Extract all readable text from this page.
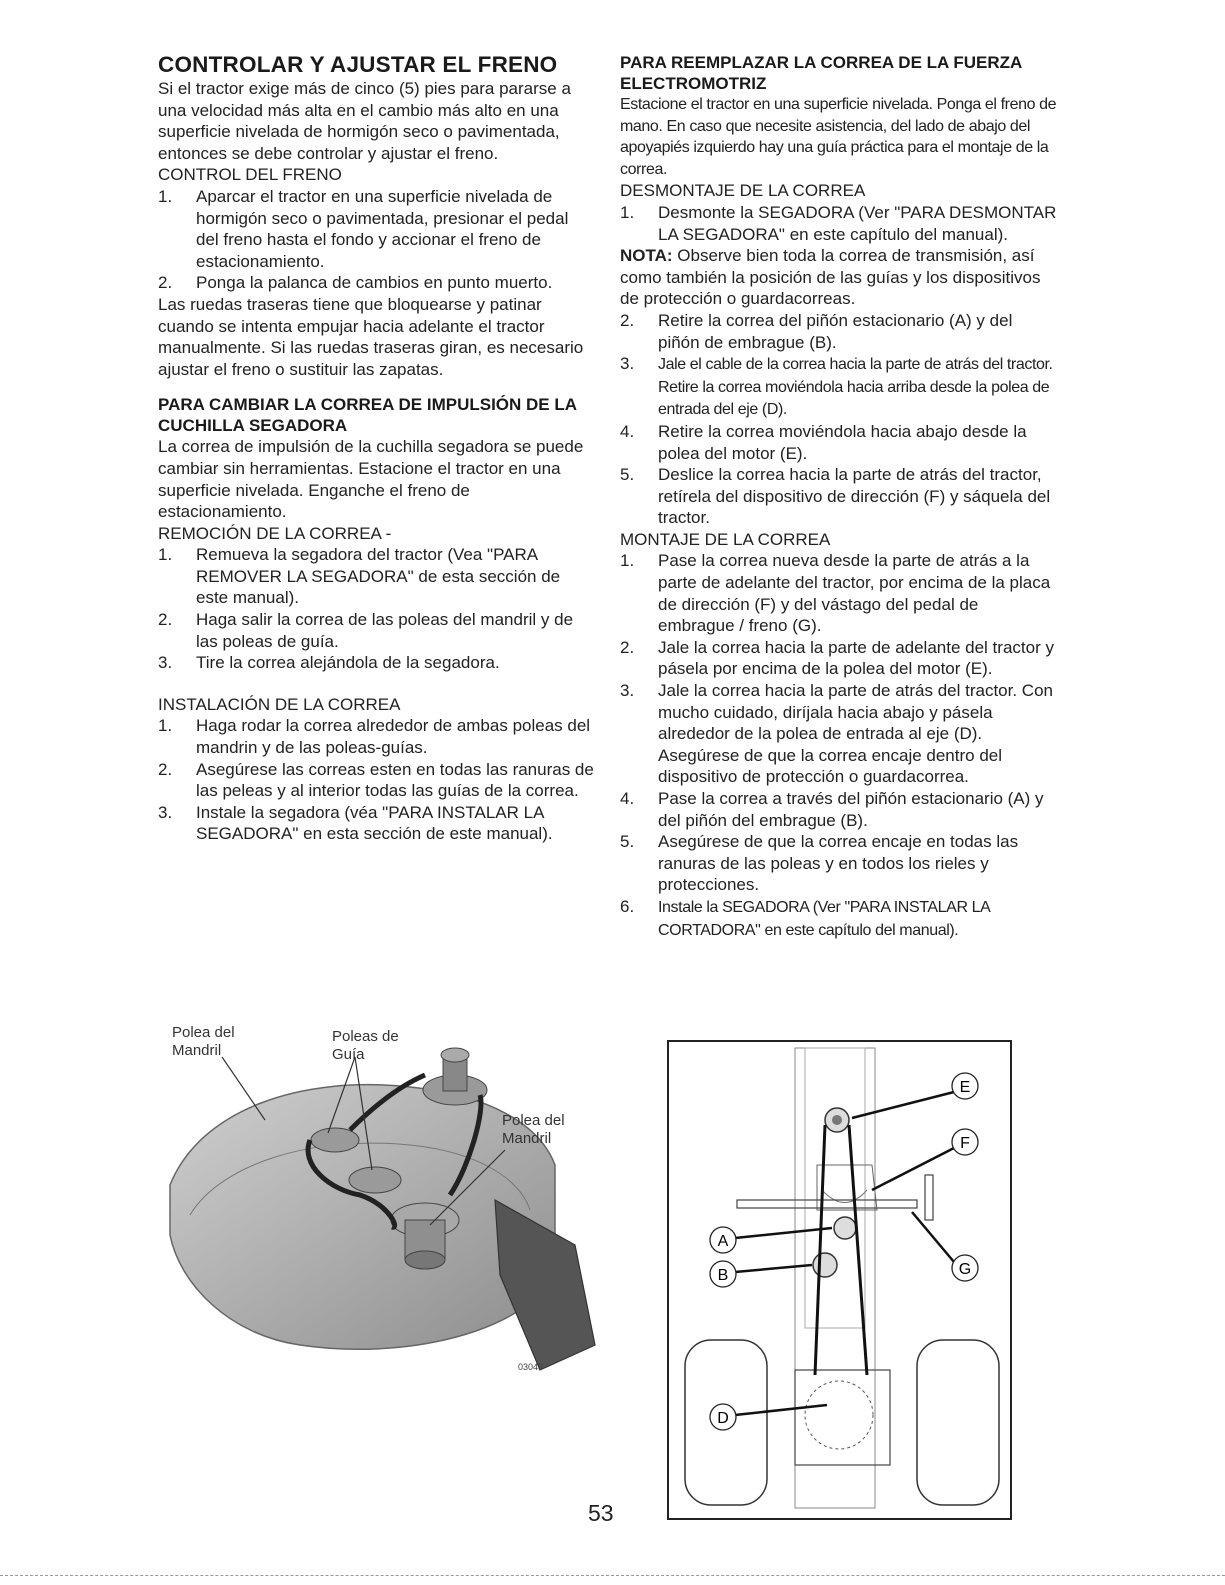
CONTROLAR Y AJUSTAR EL FRENO

Si el tractor exige más de cinco (5) pies para pararse a una velocidad más alta en el cambio más alto en una superficie nivelada de hormigón seco o pavimentada, entonces se debe controlar y ajustar el freno.

CONTROL DEL FRENO
1. Aparcar el tractor en una superficie nivelada de hormigón seco o pavimentada, presionar el pedal del freno hasta el fondo y accionar el freno de estacionamiento.
2. Ponga la palanca de cambios en punto muerto.

Las ruedas traseras tiene que bloquearse y patinar cuando se intenta empujar hacia adelante el tractor manualmente. Si las ruedas traseras giran, es necesario ajustar el freno o sustituir las zapatas.

PARA CAMBIAR LA CORREA DE IMPULSIÓN DE LA CUCHILLA SEGADORA

La correa de impulsión de la cuchilla segadora se puede cambiar sin herramientas. Estacione el tractor en una superficie nivelada. Enganche el freno de estacionamiento.

REMOCIÓN DE LA CORREA -
1. Remueva la segadora del tractor (Vea "PARA REMOVER LA SEGADORA" de esta sección de este manual).
2. Haga salir la correa de las poleas del mandril y de las poleas de guía.
3. Tire la correa alejándola de la segadora.
INSTALACIÓN DE LA CORREA
1. Haga rodar la correa alrededor de ambas poleas del mandrin y de las poleas-guías.
2. Asegúrese las correas esten en todas las ranuras de las peleas y al interior todas las guías de la correa.
3. Instale la segadora (véa "PARA INSTALAR LA SEGADORA" en esta sección de este manual).
PARA REEMPLAZAR LA CORREA DE LA FUERZA ELECTROMOTRIZ

Estacione el tractor en una superficie nivelada. Ponga el freno de mano. En caso que necesite asistencia, del lado de abajo del apoyapiés izquierdo hay una guía práctica para el montaje de la correa.

DESMONTAJE DE LA CORREA
1. Desmonte la SEGADORA (Ver "PARA DESMONTAR LA SEGADORA" en este capítulo del manual).

NOTA: Observe bien toda la correa de transmisión, así como también la posición de las guías y los dispositivos de protección o guardacorreas.

2. Retire la correa del piñón estacionario (A) y del piñón de embrague (B).
3. Jale el cable de la correa hacia la parte de atrás del tractor. Retire la correa moviéndola hacia arriba desde la polea de entrada del eje (D).
4. Retire la correa moviéndola hacia abajo desde la polea del motor (E).
5. Deslice la correa hacia la parte de atrás del tractor, retírela del dispositivo de dirección (F) y sáquela del tractor.
MONTAJE DE LA CORREA
1. Pase la correa nueva desde la parte de atrás a la parte de adelante del tractor, por encima de la placa de dirección (F) y del vástago del pedal de embrague / freno (G).
2. Jale la correa hacia la parte de adelante del tractor y pásela por encima de la polea del motor (E).
3. Jale la correa hacia la parte de atrás del tractor. Con mucho cuidado, diríjala hacia abajo y pásela alrededor de la polea de entrada al eje (D). Asegúrese de que la correa encaje dentro del dispositivo de protección o guardacorrea.
4. Pase la correa a través del piñón estacionario (A) y del piñón del embrague (B).
5. Asegúrese de que la correa encaje en todas las ranuras de las poleas y en todos los rieles y protecciones.
6. Instale la SEGADORA (Ver "PARA INSTALAR LA CORTADORA" en este capítulo del manual).
Polea del
Mandril
Poleas de
Guía
Polea del
Mandril
03043
E
F
A
B	G
D
53
